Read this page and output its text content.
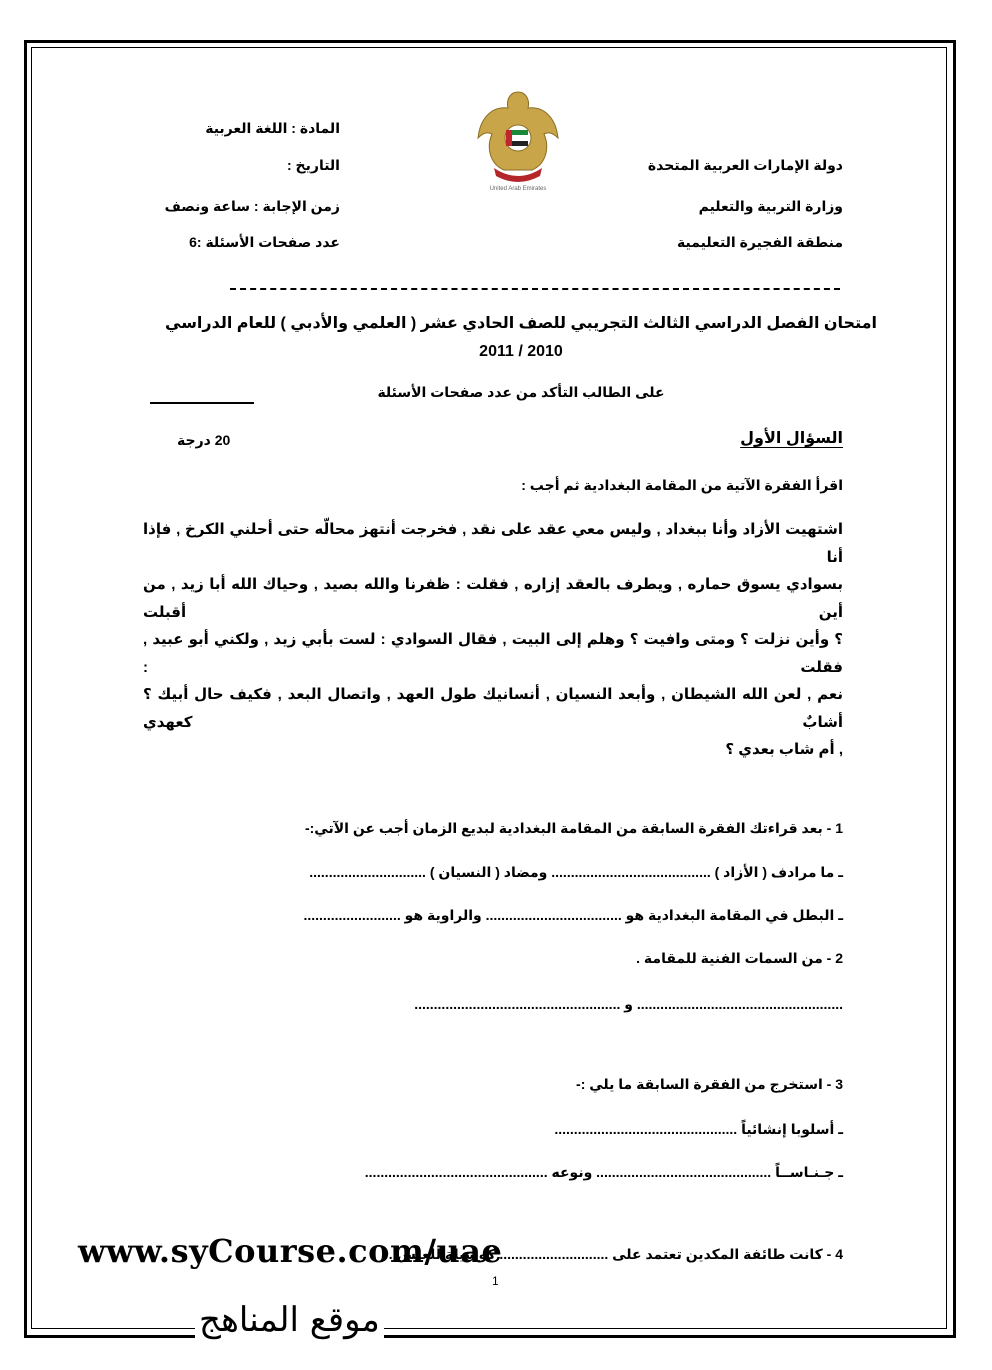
دولة الإمارات العربية المتحدة
وزارة التربية والتعليم
منطقة الفجيرة التعليمية
المادة : اللغة العربية
التاريخ :
زمن الإجابة : ساعة ونصف
عدد صفحات الأسئلة :6
United Arab Emirates
امتحان الفصل الدراسي الثالث التجريبي للصف الحادي عشر ( العلمي والأدبي ) للعام الدراسي
2011 / 2010
على الطالب التأكد من عدد صفحات الأسئلة
السؤال الأول
20 درجة
اقرأ الفقرة الآتية من المقامة البغدادية ثم أجب :
اشتهيت الأزاد وأنا ببغداد , وليس معي عقد على نقد , فخرجت أنتهز محالّه حتى أحلني الكرخ , فإذا أنا
بسوادي يسوق حماره , ويطرف بالعقد إزاره , فقلت : ظفرنا والله بصيد , وحياك الله أبا زيد , من أين أقبلت
؟ وأين نزلت ؟ ومتى وافيت ؟ وهلم إلى البيت , فقال السوادي : لست بأبي زيد , ولكني أبو عبيد , فقلت :
نعم , لعن الله الشيطان , وأبعد النسيان , أنسانيك طول العهد , واتصال البعد , فكيف حال أبيك ؟ أشابٌ كعهدي
, أم شاب بعدي ؟
1 - بعد قراءتك الفقرة السابقة من المقامة البغدادية لبديع الزمان أجب عن الآتي:-
ـ ما مرادف ( الأزاد ) ......................................... ومضاد ( النسيان ) ..............................
ـ البطل في المقامة البغدادية هو ................................... والراوية هو .........................
2 - من السمات الفنية للمقامة .
..................................................... و .....................................................
3 - استخرج من الفقرة السابقة ما يلي :-
ـ أسلوبا إنشائياً ...............................................
ـ جـنـاســاً ............................................. ونوعه ...............................................
4 - كانت طائفة المكدين تعتمد على ............................ كوسيلة للعيش .
www.syCourse.com/uae
1
موقع المناهج
